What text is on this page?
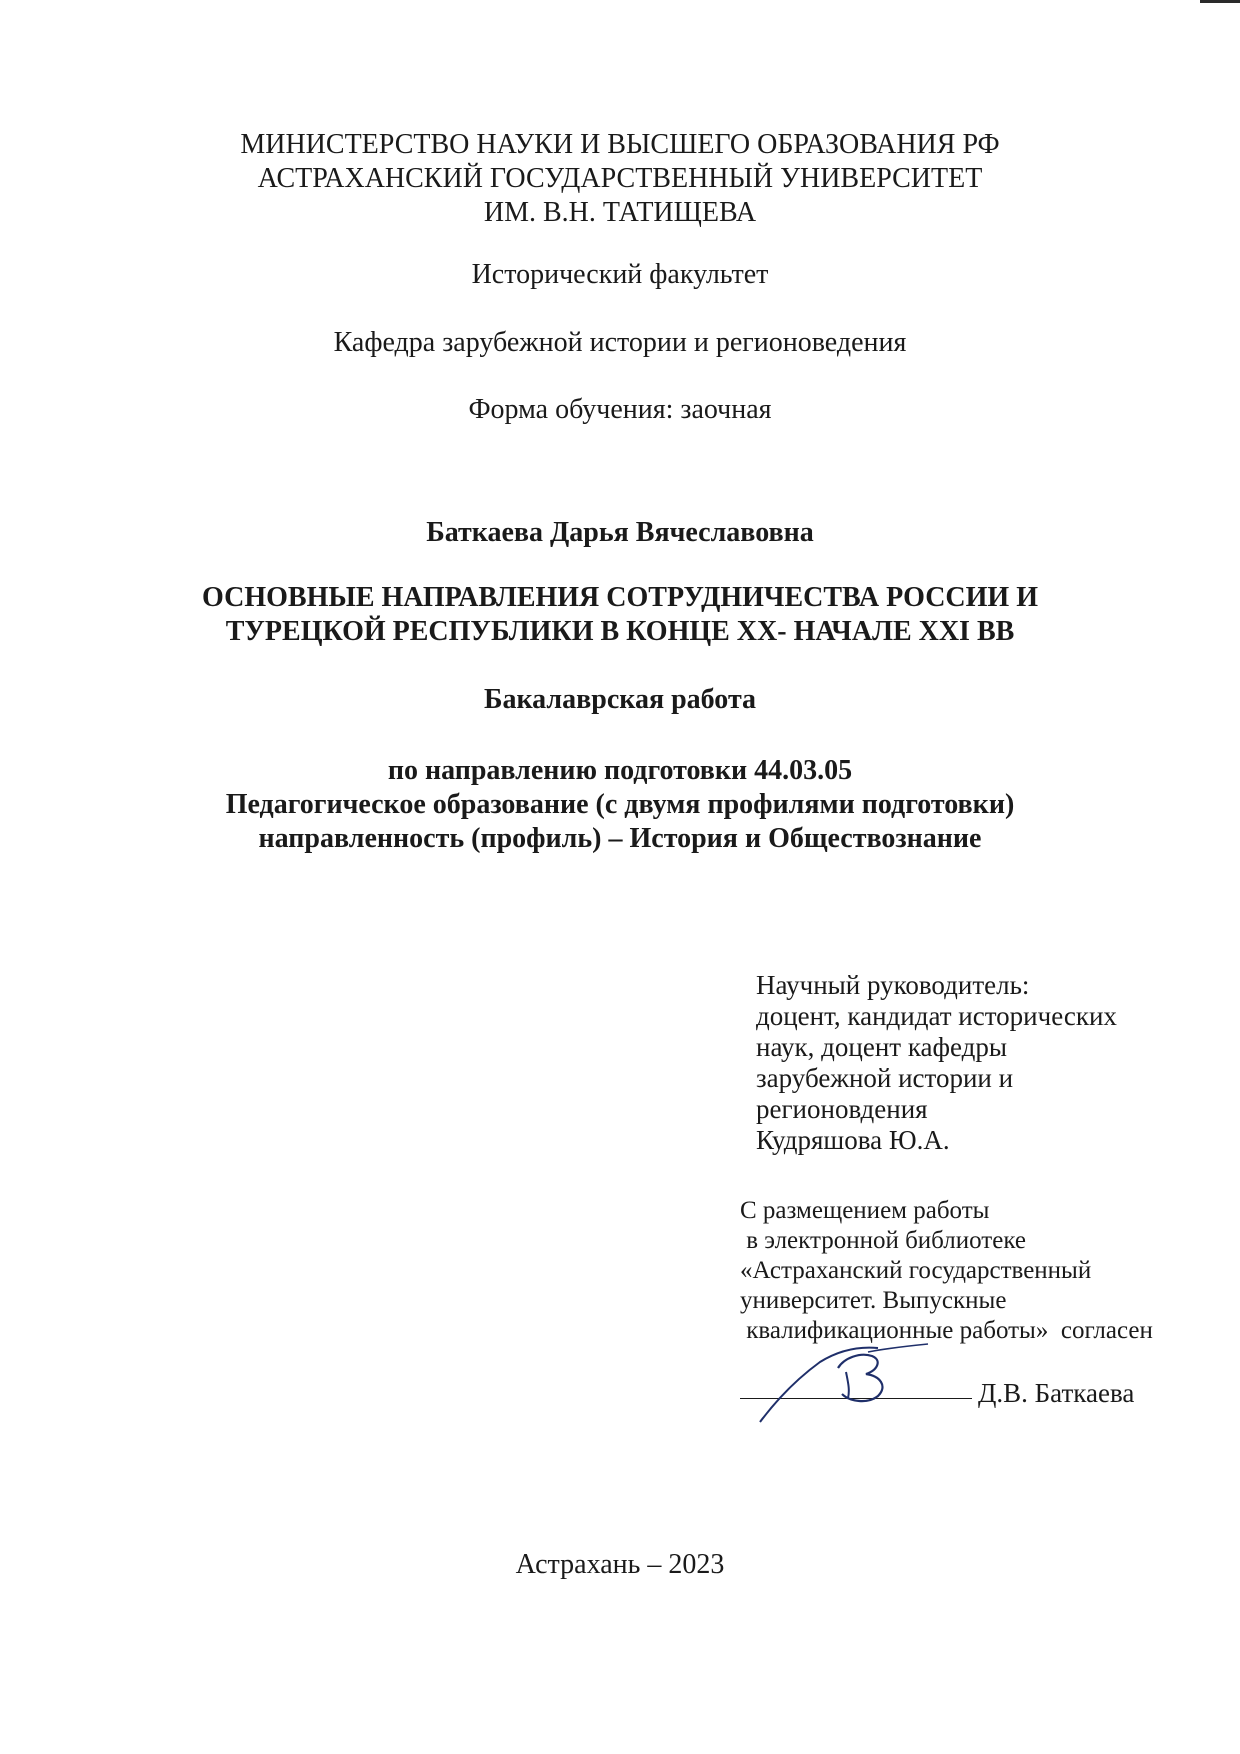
МИНИСТЕРСТВО НАУКИ И ВЫСШЕГО ОБРАЗОВАНИЯ РФ
АСТРАХАНСКИЙ ГОСУДАРСТВЕННЫЙ УНИВЕРСИТЕТ
ИМ. В.Н. ТАТИЩЕВА
Исторический факультет
Кафедра зарубежной истории и регионоведения
Форма обучения: заочная
Баткаева Дарья Вячеславовна
ОСНОВНЫЕ НАПРАВЛЕНИЯ СОТРУДНИЧЕСТВА РОССИИ И
ТУРЕЦКОЙ РЕСПУБЛИКИ В КОНЦЕ ХХ- НАЧАЛЕ XXI ВВ
Бакалаврская работа
по направлению подготовки 44.03.05
Педагогическое образование (с двумя профилями подготовки)
направленность (профиль) – История и Обществознание
Научный руководитель:
доцент, кандидат исторических
наук, доцент кафедры
зарубежной истории и
регионовдения
Кудряшова Ю.А.
С размещением работы
в электронной библиотеке
«Астраханский государственный
университет. Выпускные
квалификационные работы»  согласен
Д.В. Баткаева
Астрахань – 2023
